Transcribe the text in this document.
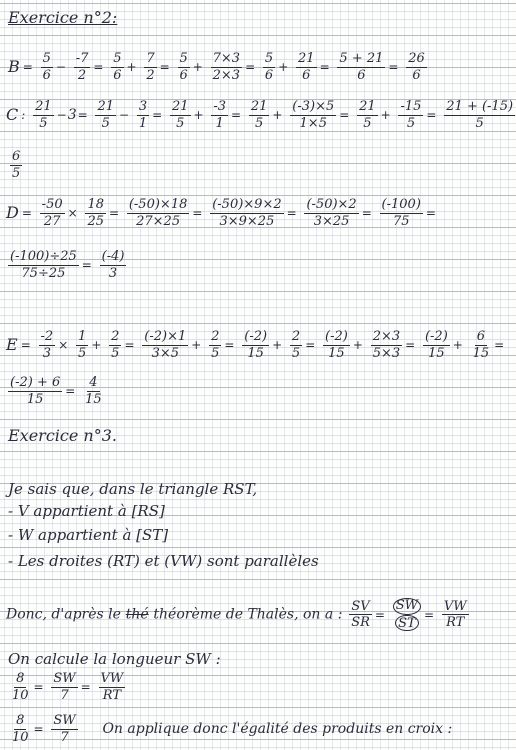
Exercice n°2:
$B = \frac{5}{6} - \frac{-7}{2} = \frac{5}{6} + \frac{7}{2} = \frac{5}{6} + \frac{7\times 3}{2\times 3} = \frac{5}{6} + \frac{21}{6} = \frac{5 + 21}{6} = \frac{26}{6}$
C : $\frac{21}{5} -3= \frac{21}{5} - \frac{3}{1} = \frac{21}{5} + \frac{-3}{1} = \frac{21}{5} + \frac{(-3)\times 5}{1\times 5} = \frac{21}{5} + \frac{-15}{5} = \frac{21 + (-15)}{5}$
$\frac{6}{5}$
$D = \frac{-50}{27} \times \frac{18}{25} = \frac{(-50)\times 18}{27\times 25} = \frac{(-50)\times 9\times 2}{3\times 9\times 25} = \frac{(-50)\times 2}{3\times 25} = \frac{(-100)}{75}$ =
$\frac{(-100)\div 25}{75\div 25} = \frac{(-4)}{3}$
$E = \frac{-2}{3} \times \frac{1}{5} + \frac{2}{5} = \frac{(-2)\times 1}{3\times 5} + \frac{2}{5} = \frac{(-2)}{15} + \frac{2}{5} = \frac{(-2)}{15} + \frac{2\times 3}{5\times 3} = \frac{(-2)}{15} + \frac{6}{15}$ =
$\frac{(-2) + 6}{15} = \frac{4}{15}$
Exercice n°3.
Je sais que, dans le triangle RST,
- V appartient à [RS]
- W appartient à [ST]
- Les droites (RT) et (VW) sont parallèles
Donc, d'après le thé théorème de Thalès, on a : $\frac{SV}{SR} = \frac{SW}{ST} = \frac{VW}{RT}$
On calcule la longueur SW :
$\frac{8}{10} = \frac{SW}{7} = \frac{VW}{RT}$
$\frac{8}{10} = \frac{SW}{7}$ On applique donc l'égalité des produits en croix :
